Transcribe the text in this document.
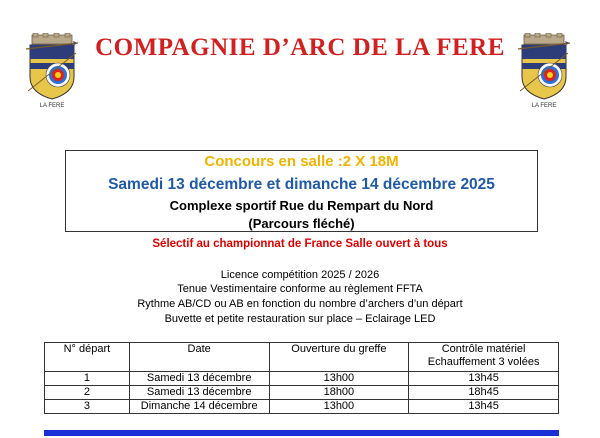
LA FERE	LA FERE
COMPAGNIE D’ARC DE LA FERE
Concours en salle :2 X 18M
Samedi 13 décembre et dimanche 14 décembre 2025
Complexe sportif Rue du Rempart du Nord
(Parcours fléché)
Sélectif au championnat de France Salle ouvert à tous
Licence compétition 2025 / 2026
Tenue Vestimentaire conforme au règlement FFTA
Rythme AB/CD ou AB en fonction du nombre d’archers d’un départ
Buvette et petite restauration sur place – Eclairage LED
N° départ	Date	Ouverture du greffe	Contrôle matériel
Echauffement 3 volées
1	Samedi 13 décembre	13h00	13h45
2	Samedi 13 décembre	18h00	18h45
3	Dimanche 14 décembre	13h00	13h45
